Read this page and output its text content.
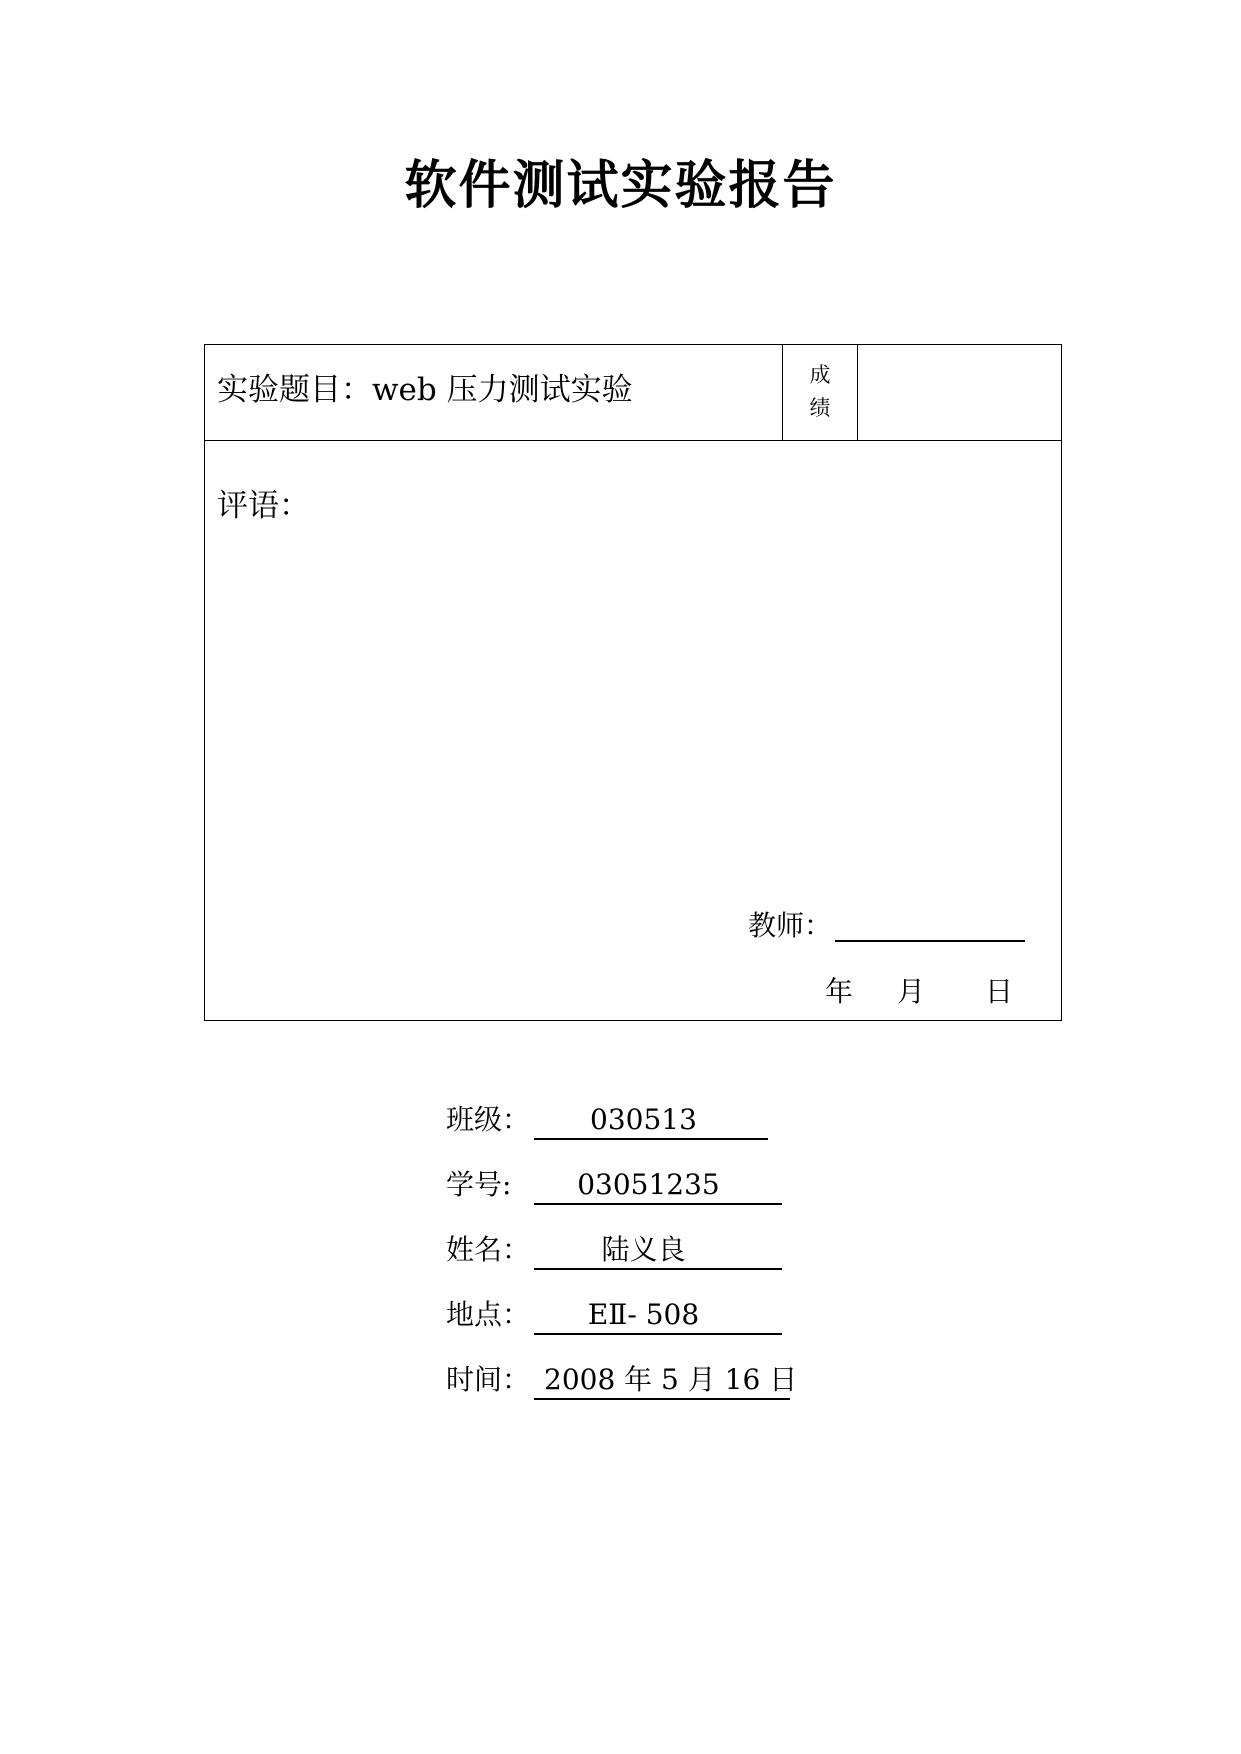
软件测试实验报告
实验题目：web 压力测试实验	成
绩
评语：
教师：
年 月 日
班级：	030513
学号:	03051235
姓名：	陆义良
地点：	EⅡ- 508
时间： 2008 年 5 月 16 日
